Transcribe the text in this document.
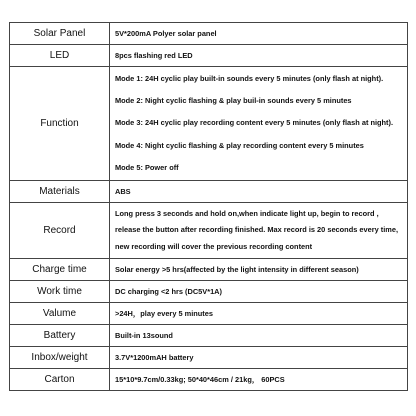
Solar Panel	5V*200mA Polyer solar panel
LED	8pcs flashing red LED
Function	Mode 1: 24H cyclic play built-in sounds every 5 minutes (only flash at night).
Mode 2: Night cyclic flashing & play buil-in sounds every 5 minutes
Mode 3: 24H cyclic play recording content every 5 minutes (only flash at night).
Mode 4: Night cyclic flashing & play recording content every 5 minutes
Mode 5: Power off

Materials	ABS
Record	Long press 3 seconds and hold on,when indicate light up, begin to record ,
release the button after recording finished. Max record is 20 seconds every time,
new recording will cover the previous recording content

Charge time	Solar energy >5 hrs(affected by the light intensity in different season)
Work time	DC charging <2 hrs (DC5V*1A)
Valume	>24H，play every 5 minutes
Battery	Built-in 13sound
Inbox/weight	3.7V*1200mAH battery
Carton	15*10*9.7cm/0.33kg; 50*40*46cm / 21kg， 60PCS
